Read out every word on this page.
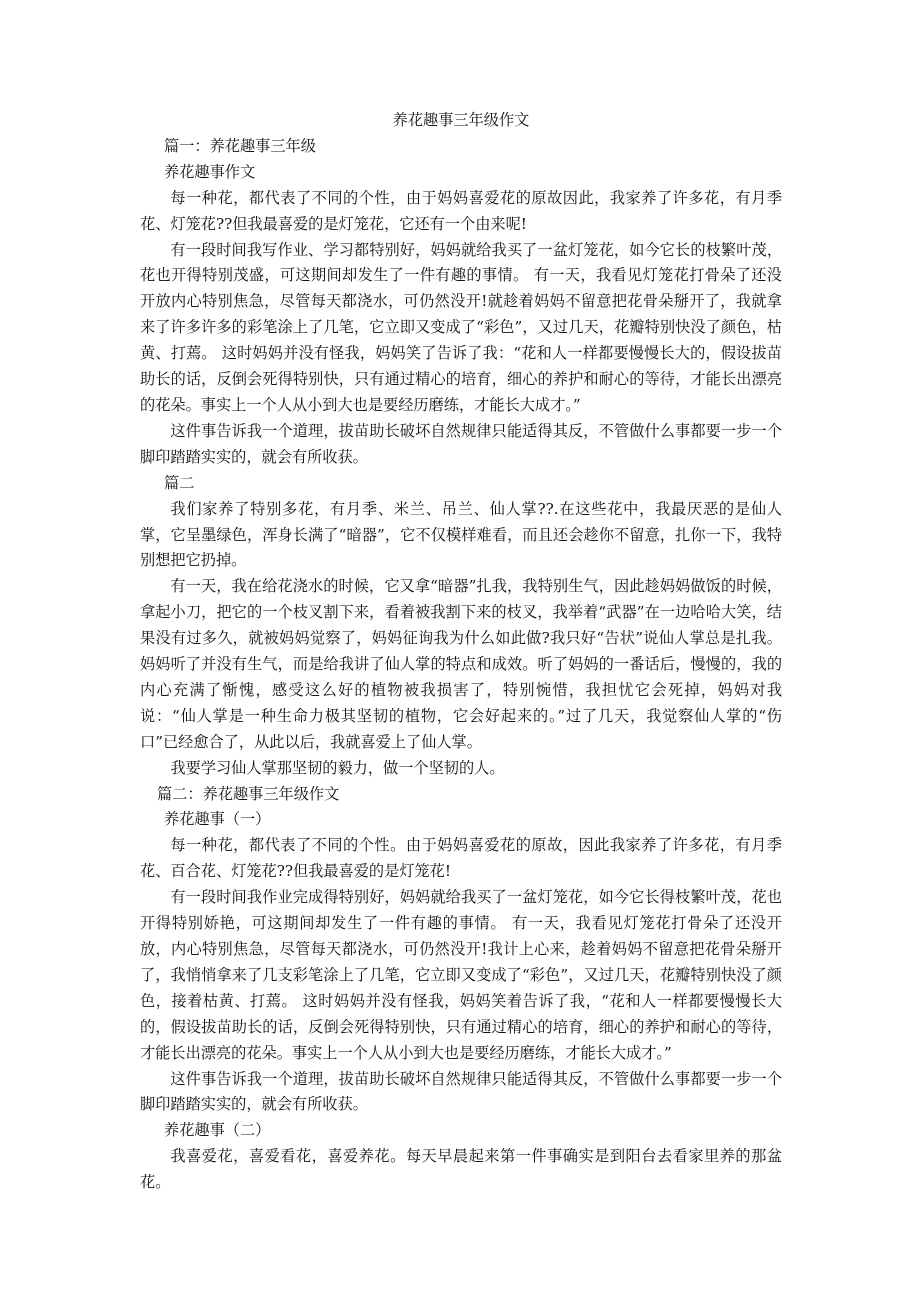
养花趣事三年级作文

篇一：养花趣事三年级

养花趣事作文

每一种花，都代表了不同的个性，由于妈妈喜爱花的原故因此，我家养了许多花，有月季花、灯笼花??但我最喜爱的是灯笼花，它还有一个由来呢!

有一段时间我写作业、学习都特别好，妈妈就给我买了一盆灯笼花，如今它长的枝繁叶茂，花也开得特别茂盛，可这期间却发生了一件有趣的事情。 有一天，我看见灯笼花打骨朵了还没开放内心特别焦急，尽管每天都浇水，可仍然没开!就趁着妈妈不留意把花骨朵掰开了，我就拿来了许多许多的彩笔涂上了几笔，它立即又变成了“彩色”，又过几天，花瓣特别快没了颜色，枯黄、打蔫。 这时妈妈并没有怪我，妈妈笑了告诉了我：“花和人一样都要慢慢长大的，假设拔苗助长的话，反倒会死得特别快，只有通过精心的培育，细心的养护和耐心的等待，才能长出漂亮的花朵。事实上一个人从小到大也是要经历磨练，才能长大成才。”

这件事告诉我一个道理，拔苗助长破坏自然规律只能适得其反，不管做什么事都要一步一个脚印踏踏实实的，就会有所收获。

篇二

我们家养了特别多花，有月季、米兰、吊兰、仙人掌??.在这些花中，我最厌恶的是仙人掌，它呈墨绿色，浑身长满了“暗器”，它不仅模样难看，而且还会趁你不留意，扎你一下，我特别想把它扔掉。

有一天，我在给花浇水的时候，它又拿“暗器”扎我，我特别生气，因此趁妈妈做饭的时候，拿起小刀，把它的一个枝叉割下来，看着被我割下来的枝叉，我举着“武器”在一边哈哈大笑，结果没有过多久，就被妈妈觉察了，妈妈征询我为什么如此做?我只好“告状”说仙人掌总是扎我。妈妈听了并没有生气，而是给我讲了仙人掌的特点和成效。听了妈妈的一番话后，慢慢的，我的内心充满了惭愧，感受这么好的植物被我损害了，特别惋惜，我担忧它会死掉，妈妈对我说：“仙人掌是一种生命力极其坚韧的植物，它会好起来的。”过了几天，我觉察仙人掌的“伤口”已经愈合了，从此以后，我就喜爱上了仙人掌。

我要学习仙人掌那坚韧的毅力，做一个坚韧的人。

篇二：养花趣事三年级作文

养花趣事（一）

每一种花，都代表了不同的个性。由于妈妈喜爱花的原故，因此我家养了许多花，有月季花、百合花、灯笼花??但我最喜爱的是灯笼花!

有一段时间我作业完成得特别好，妈妈就给我买了一盆灯笼花，如今它长得枝繁叶茂，花也开得特别娇艳，可这期间却发生了一件有趣的事情。 有一天，我看见灯笼花打骨朵了还没开放，内心特别焦急，尽管每天都浇水，可仍然没开!我计上心来，趁着妈妈不留意把花骨朵掰开了，我悄悄拿来了几支彩笔涂上了几笔，它立即又变成了“彩色”，又过几天，花瓣特别快没了颜色，接着枯黄、打蔫。 这时妈妈并没有怪我，妈妈笑着告诉了我，“花和人一样都要慢慢长大的，假设拔苗助长的话，反倒会死得特别快，只有通过精心的培育，细心的养护和耐心的等待，才能长出漂亮的花朵。事实上一个人从小到大也是要经历磨练，才能长大成才。”

这件事告诉我一个道理，拔苗助长破坏自然规律只能适得其反，不管做什么事都要一步一个脚印踏踏实实的，就会有所收获。

养花趣事（二）

我喜爱花，喜爱看花，喜爱养花。每天早晨起来第一件事确实是到阳台去看家里养的那盆花。
